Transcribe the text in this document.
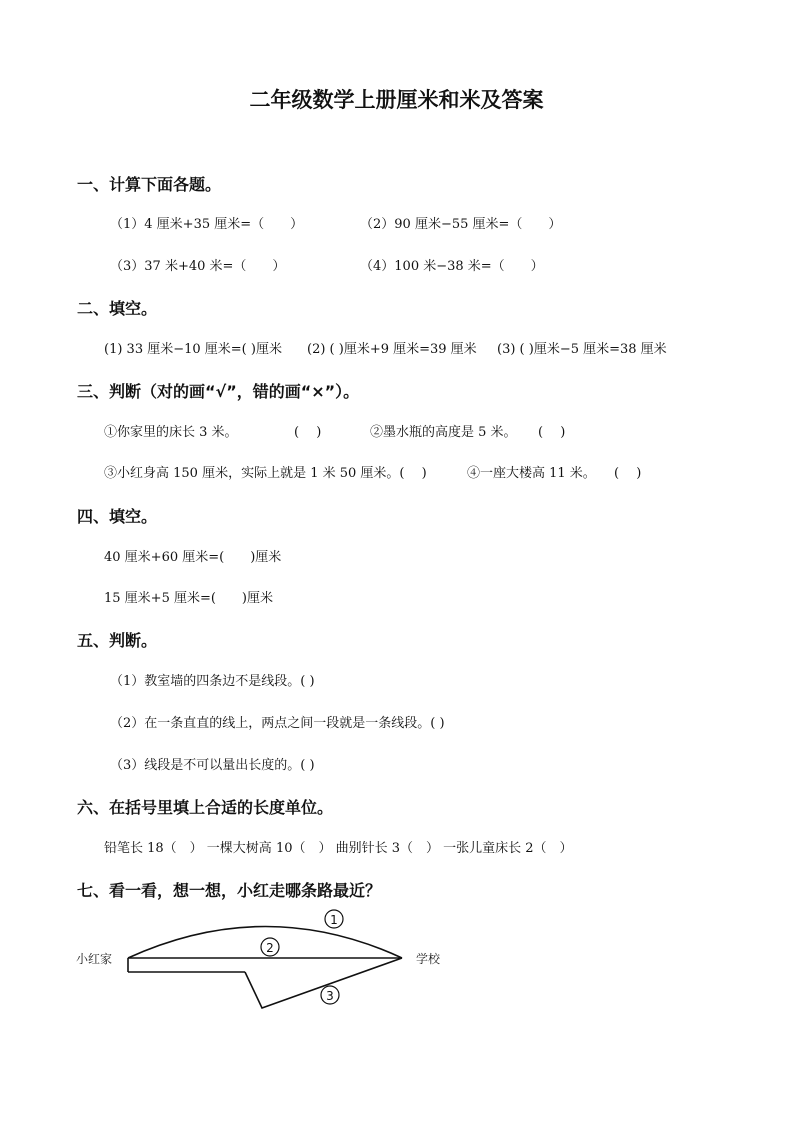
二年级数学上册厘米和米及答案
一、计算下面各题。
（1）4 厘米+35 厘米=（　　）	（2）90 厘米−55 厘米=（　　）
（3）37 米+40 米=（　　）	（4）100 米−38 米=（　　）
二、填空。
(1) 33 厘米−10 厘米=( )厘米 (2) ( )厘米+9 厘米=39 厘米 (3) ( )厘米−5 厘米=38 厘米
三、判断（对的画“√”，错的画“×”）。
①你家里的床长 3 米。	(　 )	②墨水瓶的高度是 5 米。 (　 )
③小红身高 150 厘米，实际上就是 1 米 50 厘米。(　 )	④一座大楼高 11 米。 (　 )
四、填空。
40 厘米+60 厘米=(　　)厘米
15 厘米+5 厘米=(　　)厘米
五、判断。
（1）教室墙的四条边不是线段。( )
（2）在一条直直的线上，两点之间一段就是一条线段。( )
（3）线段是不可以量出长度的。( )
六、在括号里填上合适的长度单位。
铅笔长 18（　） 一棵大树高 10（　） 曲别针长 3（　） 一张儿童床长 2（　）
七、看一看，想一想，小红走哪条路最近？
小红家	学校
1
2
3
